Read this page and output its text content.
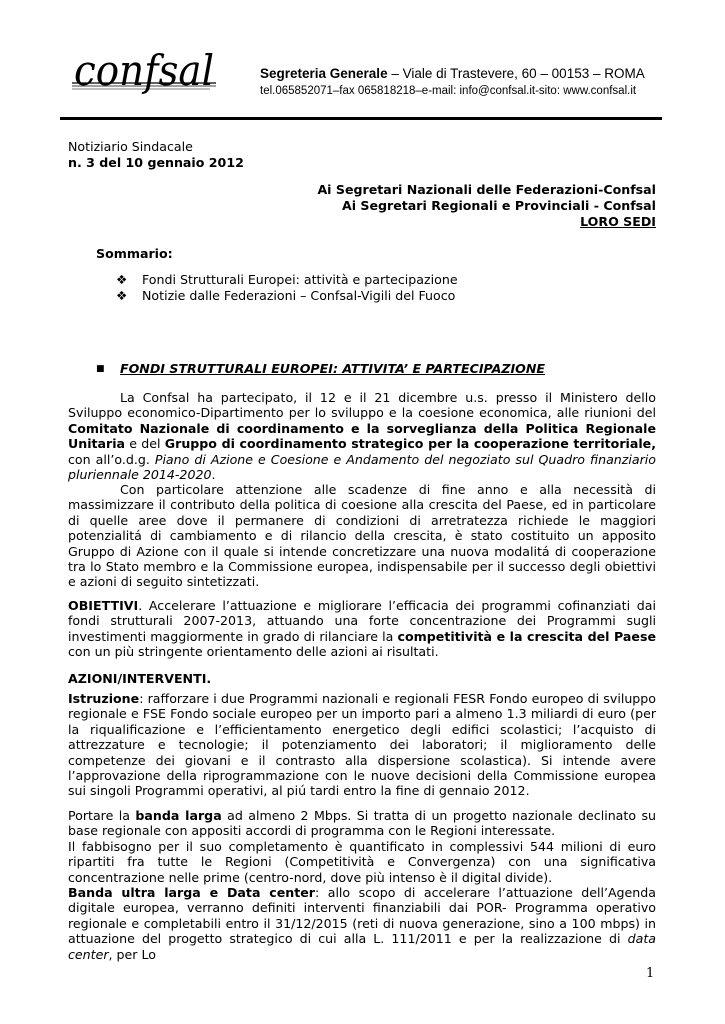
confsal	Segreteria Generale – Viale di Trastevere, 60 – 00153 – ROMA
tel.065852071–fax 065818218–e-mail: info@confsal.it-sito: www.confsal.it
Notiziario Sindacale
n. 3 del 10 gennaio 2012
Ai Segretari Nazionali delle Federazioni-Confsal
Ai Segretari Regionali e Provinciali - Confsal
LORO SEDI
Sommario:
❖ Fondi Strutturali Europei: attività e partecipazione
❖ Notizie dalle Federazioni – Confsal-Vigili del Fuoco
■ FONDI STRUTTURALI EUROPEI: ATTIVITA’ E PARTECIPAZIONE
La Confsal ha partecipato, il 12 e il 21 dicembre u.s. presso il Ministero dello Sviluppo economico-Dipartimento per lo sviluppo e la coesione economica, alle riunioni del Comitato Nazionale di coordinamento e la sorveglianza della Politica Regionale Unitaria e del Gruppo di coordinamento strategico per la cooperazione territoriale, con all’o.d.g. Piano di Azione e Coesione e Andamento del negoziato sul Quadro finanziario pluriennale 2014-2020.
Con particolare attenzione alle scadenze di fine anno e alla necessità di massimizzare il contributo della politica di coesione alla crescita del Paese, ed in particolare di quelle aree dove il permanere di condizioni di arretratezza richiede le maggiori potenzialitá di cambiamento e di rilancio della crescita, è stato costituito un apposito Gruppo di Azione con il quale si intende concretizzare una nuova modalitá di cooperazione tra lo Stato membro e la Commissione europea, indispensabile per il successo degli obiettivi e azioni di seguito sintetizzati.
OBIETTIVI. Accelerare l’attuazione e migliorare l’efficacia dei programmi cofinanziati dai fondi strutturali 2007-2013, attuando una forte concentrazione dei Programmi sugli investimenti maggiormente in grado di rilanciare la competitività e la crescita del Paese con un più stringente orientamento delle azioni ai risultati.
AZIONI/INTERVENTI.
Istruzione: rafforzare i due Programmi nazionali e regionali FESR Fondo europeo di sviluppo regionale e FSE Fondo sociale europeo per un importo pari a almeno 1.3 miliardi di euro (per la riqualificazione e l’efficientamento energetico degli edifici scolastici; l’acquisto di attrezzature e tecnologie; il potenziamento dei laboratori; il miglioramento delle competenze dei giovani e il contrasto alla dispersione scolastica). Si intende avere l’approvazione della riprogrammazione con le nuove decisioni della Commissione europea sui singoli Programmi operativi, al piú tardi entro la fine di gennaio 2012.
Portare la banda larga ad almeno 2 Mbps. Si tratta di un progetto nazionale declinato su base regionale con appositi accordi di programma con le Regioni interessate.
Il fabbisogno per il suo completamento è quantificato in complessivi 544 milioni di euro ripartiti fra tutte le Regioni (Competitività e Convergenza) con una significativa concentrazione nelle prime (centro-nord, dove più intenso è il digital divide).
Banda ultra larga e Data center: allo scopo di accelerare l’attuazione dell’Agenda digitale europea, verranno definiti interventi finanziabili dai POR- Programma operativo regionale e completabili entro il 31/12/2015 (reti di nuova generazione, sino a 100 mbps) in attuazione del progetto strategico di cui alla L. 111/2011 e per la realizzazione di data center, per Lo
1
